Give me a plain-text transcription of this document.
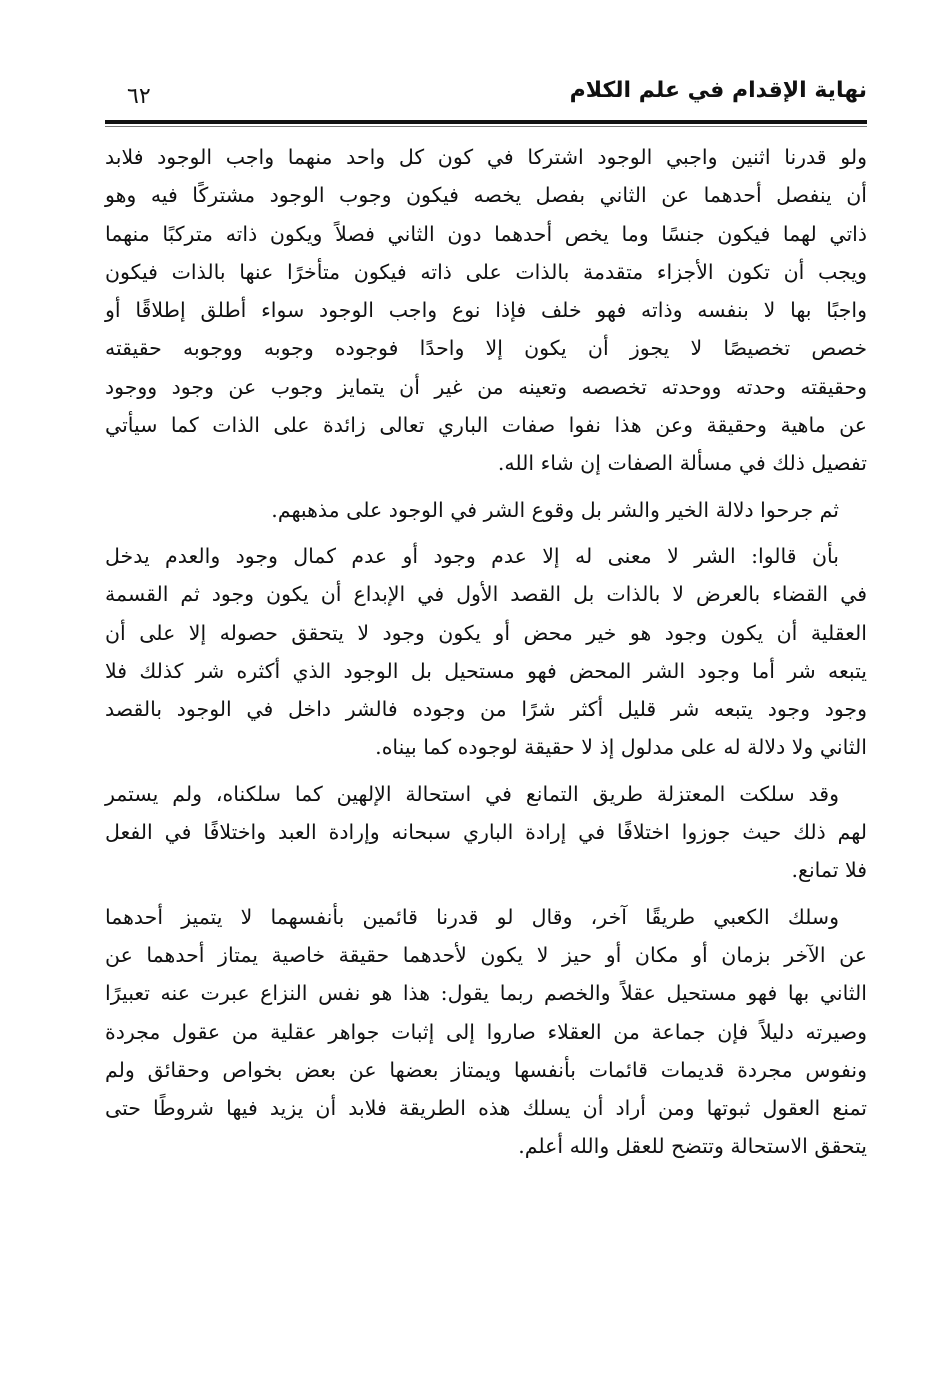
نهاية الإقدام في علم الكلام
٦٢
ولو قدرنا اثنين واجبي الوجود اشتركا في كون كل واحد منهما واجب الوجود فلابد
أن ينفصل أحدهما عن الثاني بفصل يخصه فيكون وجوب الوجود مشتركًا فيه وهو
ذاتي لهما فيكون جنسًا وما يخص أحدهما دون الثاني فصلاً ويكون ذاته متركبًا منهما
ويجب أن تكون الأجزاء متقدمة بالذات على ذاته فيكون متأخرًا عنها بالذات فيكون
واجبًا بها لا بنفسه وذاته فهو خلف فإذا نوع واجب الوجود سواء أطلق إطلاقًا أو
خصص تخصيصًا لا يجوز أن يكون إلا واحدًا فوجوده وجوبه ووجوبه حقيقته
وحقيقته وحدته ووحدته تخصصه وتعينه من غير أن يتمايز وجوب عن وجود ووجود
عن ماهية وحقيقة وعن هذا نفوا صفات الباري تعالى زائدة على الذات كما سيأتي
تفصيل ذلك في مسألة الصفات إن شاء الله.
ثم جرحوا دلالة الخير والشر بل وقوع الشر في الوجود على مذهبهم.
بأن قالوا: الشر لا معنى له إلا عدم وجود أو عدم كمال وجود والعدم يدخل
في القضاء بالعرض لا بالذات بل القصد الأول في الإبداع أن يكون وجود ثم القسمة
العقلية أن يكون وجود هو خير محض أو يكون وجود لا يتحقق حصوله إلا على أن
يتبعه شر أما وجود الشر المحض فهو مستحيل بل الوجود الذي أكثره شر كذلك فلا
وجود وجود يتبعه شر قليل أكثر شرًا من وجوده فالشر داخل في الوجود بالقصد
الثاني ولا دلالة له على مدلول إذ لا حقيقة لوجوده كما بيناه.
وقد سلكت المعتزلة طريق التمانع في استحالة الإلهين كما سلكناه، ولم يستمر
لهم ذلك حيث جوزوا اختلافًا في إرادة الباري سبحانه وإرادة العبد واختلافًا في الفعل
فلا تمانع.
وسلك الكعبي طريقًا آخر، وقال لو قدرنا قائمين بأنفسهما لا يتميز أحدهما
عن الآخر بزمان أو مكان أو حيز لا يكون لأحدهما حقيقة خاصية يمتاز أحدهما عن
الثاني بها فهو مستحيل عقلاً والخصم ربما يقول: هذا هو نفس النزاع عبرت عنه تعبيرًا
وصيرته دليلاً فإن جماعة من العقلاء صاروا إلى إثبات جواهر عقلية من عقول مجردة
ونفوس مجردة قديمات قائمات بأنفسها ويمتاز بعضها عن بعض بخواص وحقائق ولم
تمنع العقول ثبوتها ومن أراد أن يسلك هذه الطريقة فلابد أن يزيد فيها شروطًا حتى
يتحقق الاستحالة وتتضح للعقل والله أعلم.
